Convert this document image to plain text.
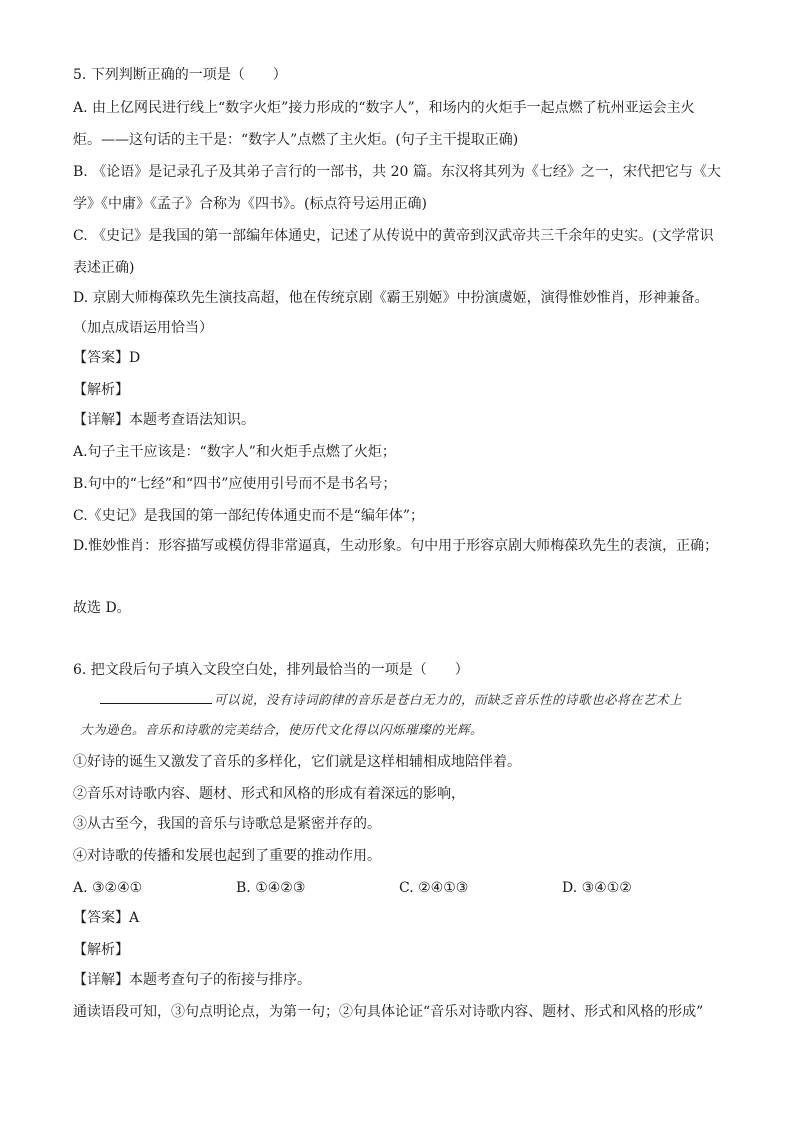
5. 下列判断正确的一项是（　　）
A. 由上亿网民进行线上“数字火炬”接力形成的“数字人”，和场内的火炬手一起点燃了杭州亚运会主火
炬。——这句话的主干是：“数字人”点燃了主火炬。(句子主干提取正确)
B. 《论语》是记录孔子及其弟子言行的一部书，共 20 篇。东汉将其列为《七经》之一，宋代把它与《大
学》《中庸》《孟子》合称为《四书》。(标点符号运用正确)
C. 《史记》是我国的第一部编年体通史，记述了从传说中的黄帝到汉武帝共三千余年的史实。(文学常识
表述正确)
D. 京剧大师梅葆玖先生演技高超，他在传统京剧《霸王别姬》中扮演虞姬，演得惟妙惟肖，形神兼备。
（加点成语运用恰当）
【答案】D
【解析】
【详解】本题考查语法知识。
A.句子主干应该是：“数字人”和火炬手点燃了火炬；
B.句中的“七经”和“四书”应使用引号而不是书名号；
C.《史记》是我国的第一部纪传体通史而不是“编年体”；
D.惟妙惟肖：形容描写或模仿得非常逼真，生动形象。句中用于形容京剧大师梅葆玖先生的表演，正确；
故选 D。
6. 把文段后句子填入文段空白处，排列最恰当的一项是（　　）
可以说，没有诗词韵律的音乐是苍白无力的，而缺乏音乐性的诗歌也必将在艺术上
大为逊色。音乐和诗歌的完美结合，使历代文化得以闪烁璀璨的光辉。
①好诗的诞生又激发了音乐的多样化，它们就是这样相辅相成地陪伴着。
②音乐对诗歌内容、题材、形式和风格的形成有着深远的影响，
③从古至今，我国的音乐与诗歌总是紧密并存的。
④对诗歌的传播和发展也起到了重要的推动作用。
A. ③②④①	B. ①④②③	C. ②④①③	D. ③④①②
【答案】A
【解析】
【详解】本题考查句子的衔接与排序。
通读语段可知，③句点明论点，为第一句；②句具体论证“音乐对诗歌内容、题材、形式和风格的形成”
